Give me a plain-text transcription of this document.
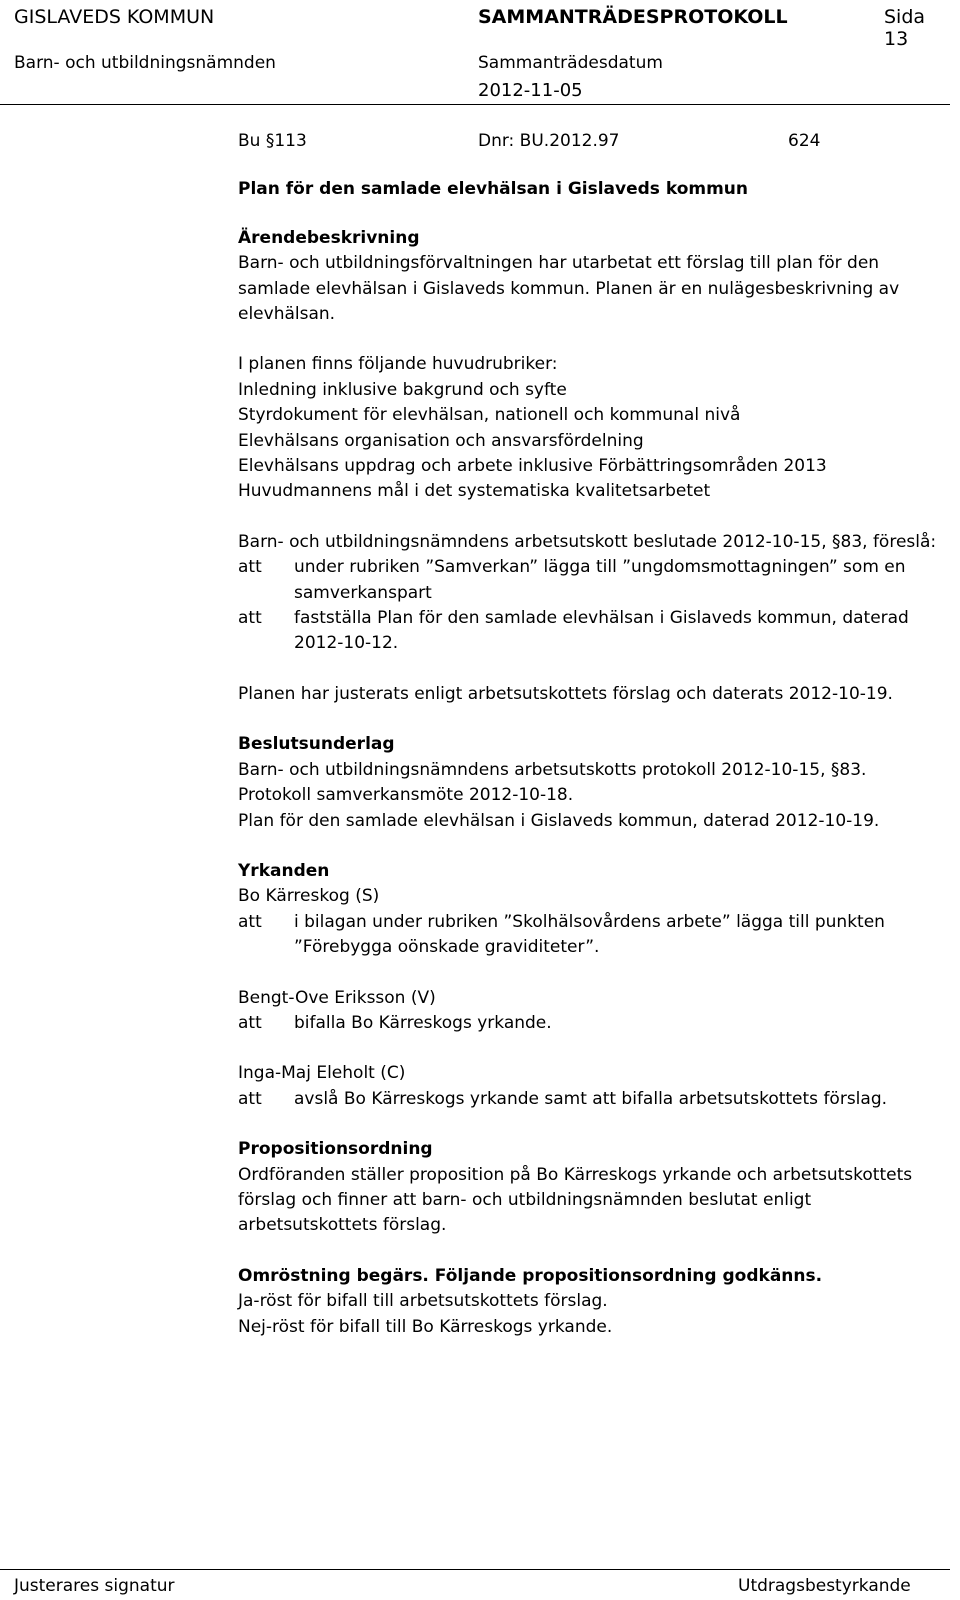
GISLAVEDS KOMMUN
Barn- och utbildningsnämnden
SAMMANTRÄDESPROTOKOLL
Sammanträdesdatum
2012-11-05
Sida
13
Bu §113	Dnr: BU.2012.97	624
Plan för den samlade elevhälsan i Gislaveds kommun
Ärendebeskrivning
Barn- och utbildningsförvaltningen har utarbetat ett förslag till plan för den
samlade elevhälsan i Gislaveds kommun. Planen är en nulägesbeskrivning av
elevhälsan.
I planen finns följande huvudrubriker:
Inledning inklusive bakgrund och syfte
Styrdokument för elevhälsan, nationell och kommunal nivå
Elevhälsans organisation och ansvarsfördelning
Elevhälsans uppdrag och arbete inklusive Förbättringsområden 2013
Huvudmannens mål i det systematiska kvalitetsarbetet
Barn- och utbildningsnämndens arbetsutskott beslutade 2012-10-15, §83, föreslå:
att under rubriken ”Samverkan” lägga till ”ungdomsmottagningen” som en
samverkanspart
att fastställa Plan för den samlade elevhälsan i Gislaveds kommun, daterad
2012-10-12.
Planen har justerats enligt arbetsutskottets förslag och daterats 2012-10-19.
Beslutsunderlag
Barn- och utbildningsnämndens arbetsutskotts protokoll 2012-10-15, §83.
Protokoll samverkansmöte 2012-10-18.
Plan för den samlade elevhälsan i Gislaveds kommun, daterad 2012-10-19.
Yrkanden
Bo Kärreskog (S)
att i bilagan under rubriken ”Skolhälsovårdens arbete” lägga till punkten
”Förebygga oönskade graviditeter”.
Bengt-Ove Eriksson (V)
att bifalla Bo Kärreskogs yrkande.
Inga-Maj Eleholt (C)
att avslå Bo Kärreskogs yrkande samt att bifalla arbetsutskottets förslag.
Propositionsordning
Ordföranden ställer proposition på Bo Kärreskogs yrkande och arbetsutskottets
förslag och finner att barn- och utbildningsnämnden beslutat enligt
arbetsutskottets förslag.
Omröstning begärs. Följande propositionsordning godkänns.
Ja-röst för bifall till arbetsutskottets förslag.
Nej-röst för bifall till Bo Kärreskogs yrkande.
Justerares signatur	Utdragsbestyrkande
